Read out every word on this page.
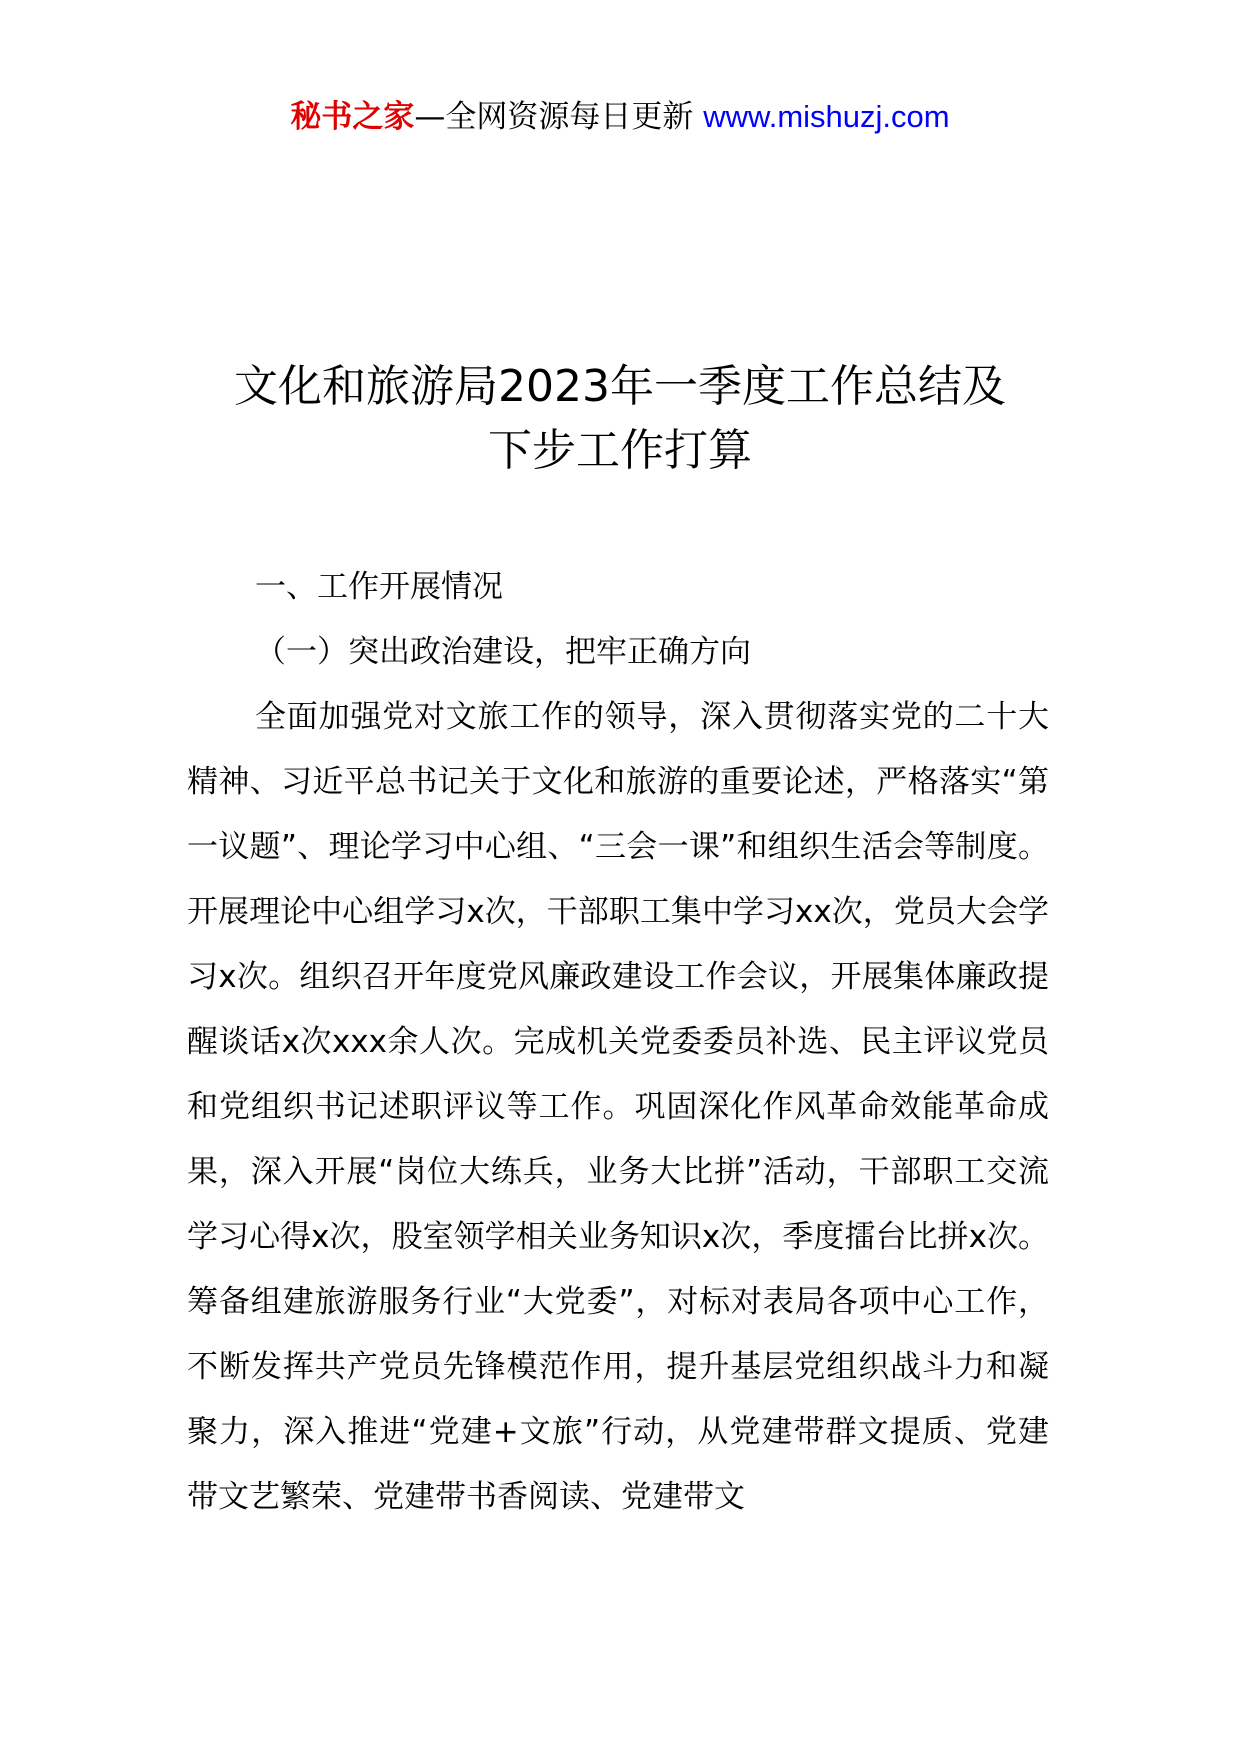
秘书之家—全网资源每日更新 www.mishuzj.com
文化和旅游局2023年一季度工作总结及
下步工作打算

一、工作开展情况

（一）突出政治建设，把牢正确方向

全面加强党对文旅工作的领导，深入贯彻落实党的二十大精神、习近平总书记关于文化和旅游的重要论述，严格落实“第一议题”、理论学习中心组、“三会一课”和组织生活会等制度。开展理论中心组学习x次，干部职工集中学习xx次，党员大会学习x次。组织召开年度党风廉政建设工作会议，开展集体廉政提醒谈话x次xxx余人次。完成机关党委委员补选、民主评议党员和党组织书记述职评议等工作。巩固深化作风革命效能革命成果，深入开展“岗位大练兵，业务大比拼”活动，干部职工交流学习心得x次，股室领学相关业务知识x次，季度擂台比拼x次。筹备组建旅游服务行业“大党委”，对标对表局各项中心工作，不断发挥共产党员先锋模范作用，提升基层党组织战斗力和凝聚力，深入推进“党建+文旅”行动，从党建带群文提质、党建带文艺繁荣、党建带书香阅读、党建带文
